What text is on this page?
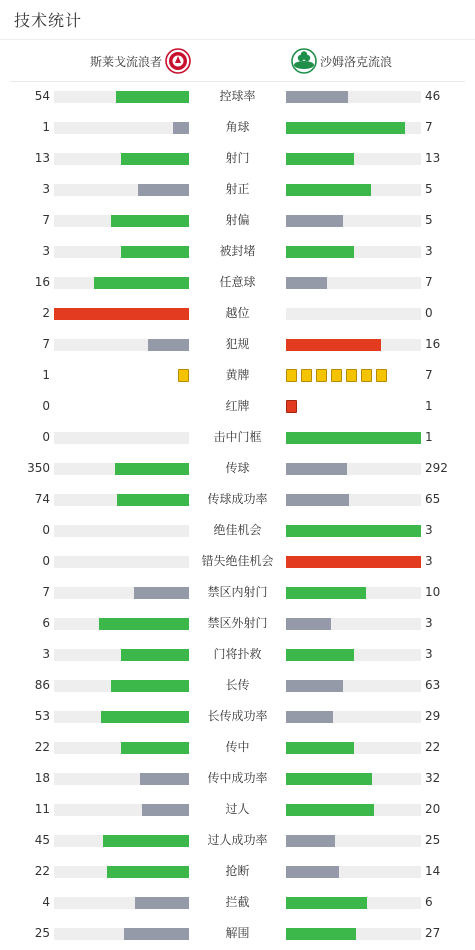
技术统计
斯莱戈流浪者	沙姆洛克流浪
54	控球率	46
1	角球	7
13	射门	13
3	射正	5
7	射偏	5
3	被封堵	3
16	任意球	7
2	越位	0
7	犯规	16
1	黄牌	7
0	红牌	1
0	击中门框	1
350	传球	292
74	传球成功率	65
0	绝佳机会	3
0	错失绝佳机会	3
7	禁区内射门	10
6	禁区外射门	3
3	门将扑救	3
86	长传	63
53	长传成功率	29
22	传中	22
18	传中成功率	32
11	过人	20
45	过人成功率	25
22	抢断	14
4	拦截	6
25	解围	27
